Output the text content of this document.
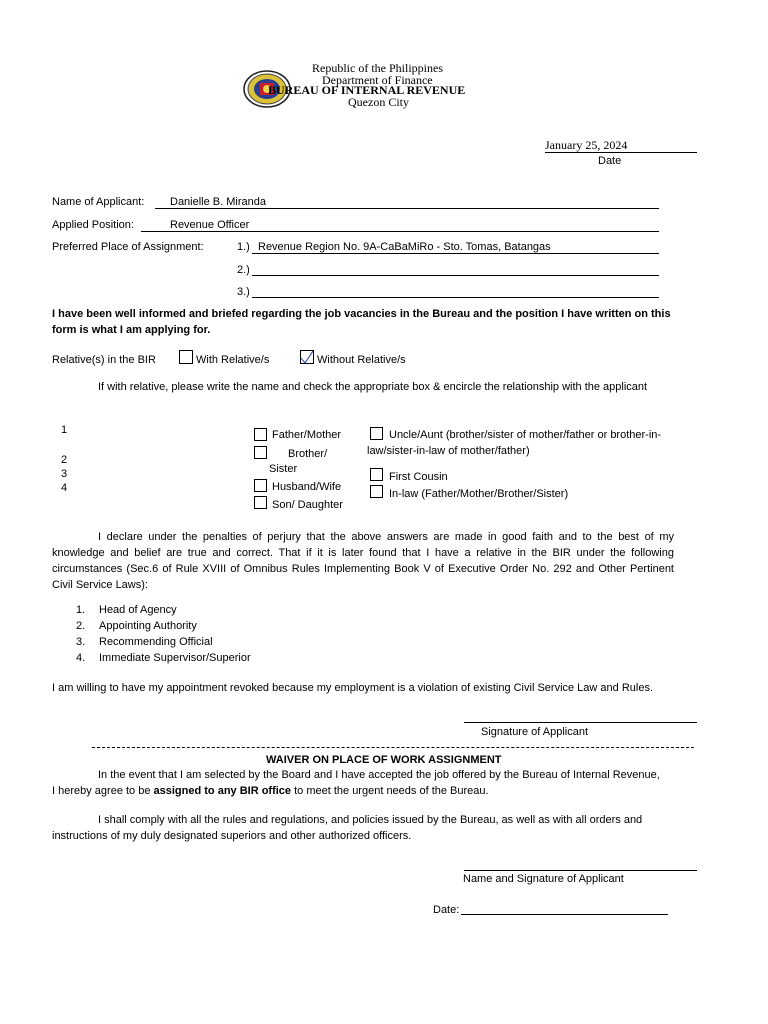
Republic of the Philippines
Department of Finance
BUREAU OF INTERNAL REVENUE
Quezon City
January 25, 2024
Date
Name of Applicant: Danielle B. Miranda
Applied Position:	Revenue Officer
Preferred Place of Assignment:	1.) Revenue Region No. 9A-CaBaMiRo - Sto. Tomas, Batangas
2.)
3.)
I have been well informed and briefed regarding the job vacancies in the Bureau and the position I have written on this form is what I am applying for.
Relative(s) in the BIR	With Relative/s	Without Relative/s
If with relative, please write the name and check the appropriate box & encircle the relationship with the applicant
1
2
3
4
Father/Mother
Brother/
Sister
Husband/Wife
Son/ Daughter
Uncle/Aunt (brother/sister of mother/father or brother-in-
law/sister-in-law of mother/father)
First Cousin
In-law (Father/Mother/Brother/Sister)
I declare under the penalties of perjury that the above answers are made in good faith and to the best of my knowledge and belief are true and correct. That if it is later found that I have a relative in the BIR under the following circumstances (Sec.6 of Rule XVIII of Omnibus Rules Implementing Book V of Executive Order No. 292 and Other Pertinent Civil Service Laws):
1. Head of Agency
2. Appointing Authority
3. Recommending Official
4. Immediate Supervisor/Superior
I am willing to have my appointment revoked because my employment is a violation of existing Civil Service Law and Rules.
Signature of Applicant
WAIVER ON PLACE OF WORK ASSIGNMENT
In the event that I am selected by the Board and I have accepted the job offered by the Bureau of Internal Revenue, I hereby agree to be assigned to any BIR office to meet the urgent needs of the Bureau.
I shall comply with all the rules and regulations, and policies issued by the Bureau, as well as with all orders and instructions of my duly designated superiors and other authorized officers.
Name and Signature of Applicant
Date:
